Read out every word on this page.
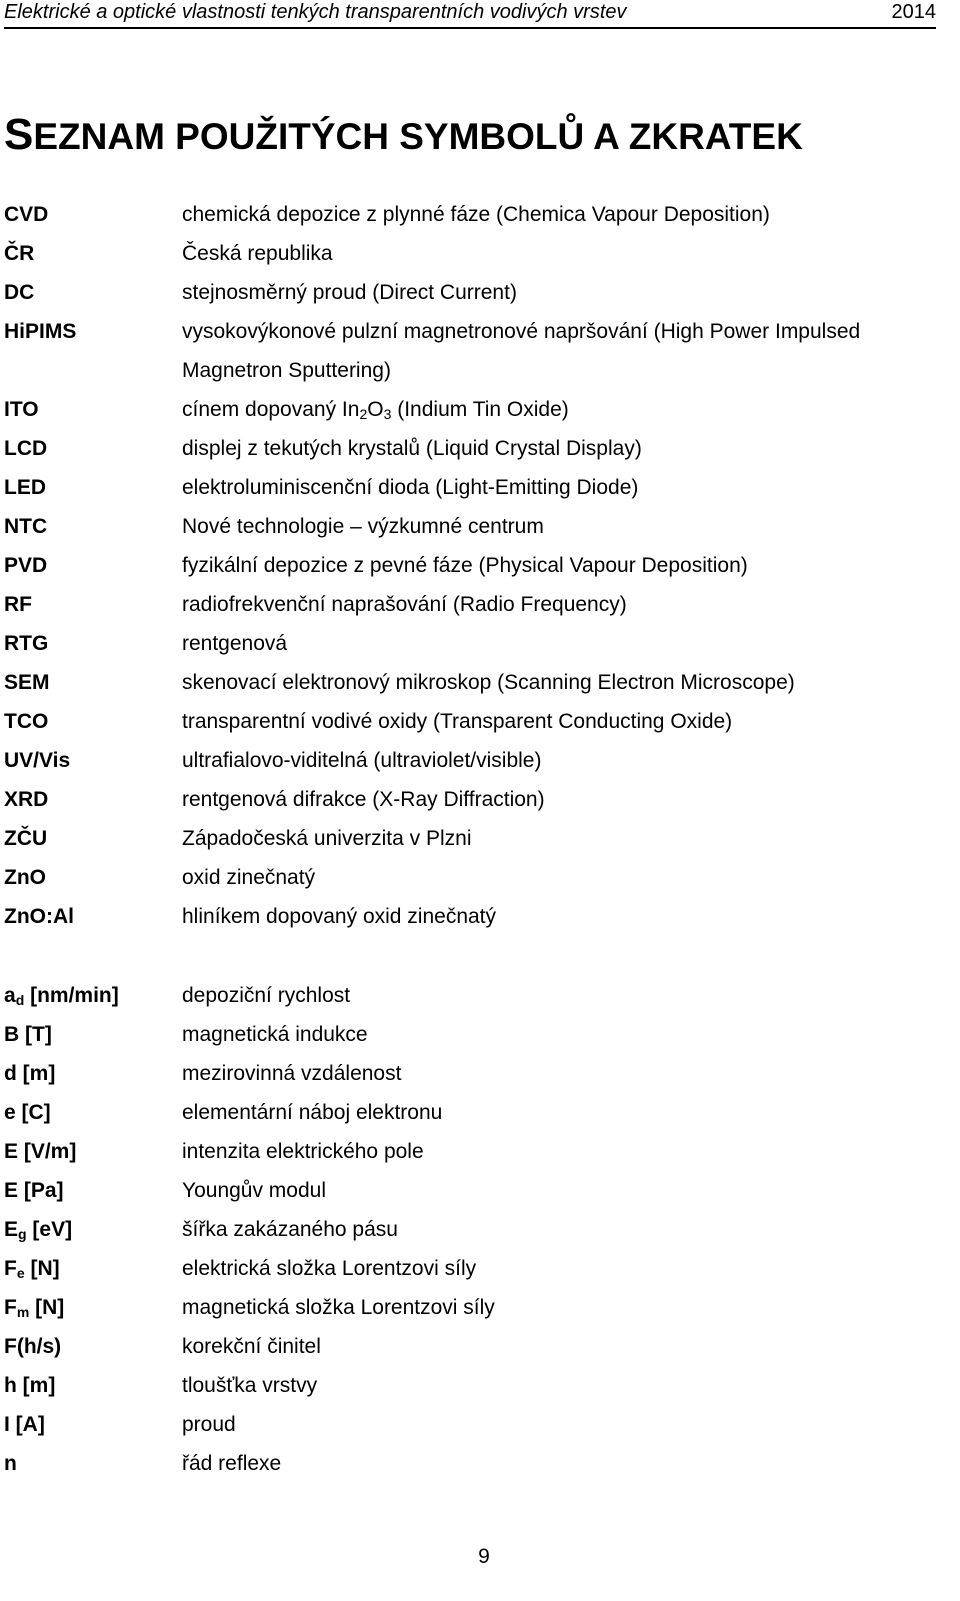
Elektrické a optické vlastnosti tenkých transparentních vodivých vrstev	2014
SEZNAM POUŽITÝCH SYMBOLŮ A ZKRATEK
CVD	chemická depozice z plynné fáze (Chemica Vapour Deposition)
ČR	Česká republika
DC	stejnosměrný proud (Direct Current)
HiPIMS	vysokovýkonové pulzní magnetronové napršování (High Power Impulsed Magnetron Sputtering)
ITO	cínem dopovaný $In_2O_3$ (Indium Tin Oxide)
LCD	displej z tekutých krystalů (Liquid Crystal Display)
LED	elektroluminiscenční dioda (Light-Emitting Diode)
NTC	Nové technologie – výzkumné centrum
PVD	fyzikální depozice z pevné fáze (Physical Vapour Deposition)
RF	radiofrekvenční naprašování (Radio Frequency)
RTG	rentgenová
SEM	skenovací elektronový mikroskop (Scanning Electron Microscope)
TCO	transparentní vodivé oxidy (Transparent Conducting Oxide)
UV/Vis	ultrafialovo-viditelná (ultraviolet/visible)
XRD	rentgenová difrakce (X-Ray Diffraction)
ZČU	Západočeská univerzita v Plzni
ZnO	oxid zinečnatý
ZnO:Al	hliníkem dopovaný oxid zinečnatý
$a_d$ [nm/min]	depoziční rychlost
B [T]	magnetická indukce
d [m]	mezirovinná vzdálenost
e [C]	elementární náboj elektronu
E [V/m]	intenzita elektrického pole
E [Pa]	Youngův modul
$E_g$ [eV]	šířka zakázaného pásu
$F_e$ [N]	elektrická složka Lorentzovi síly
$F_m$ [N]	magnetická složka Lorentzovi síly
F(h/s)	korekční činitel
h [m]	tloušťka vrstvy
I [A]	proud
n	řád reflexe
9
